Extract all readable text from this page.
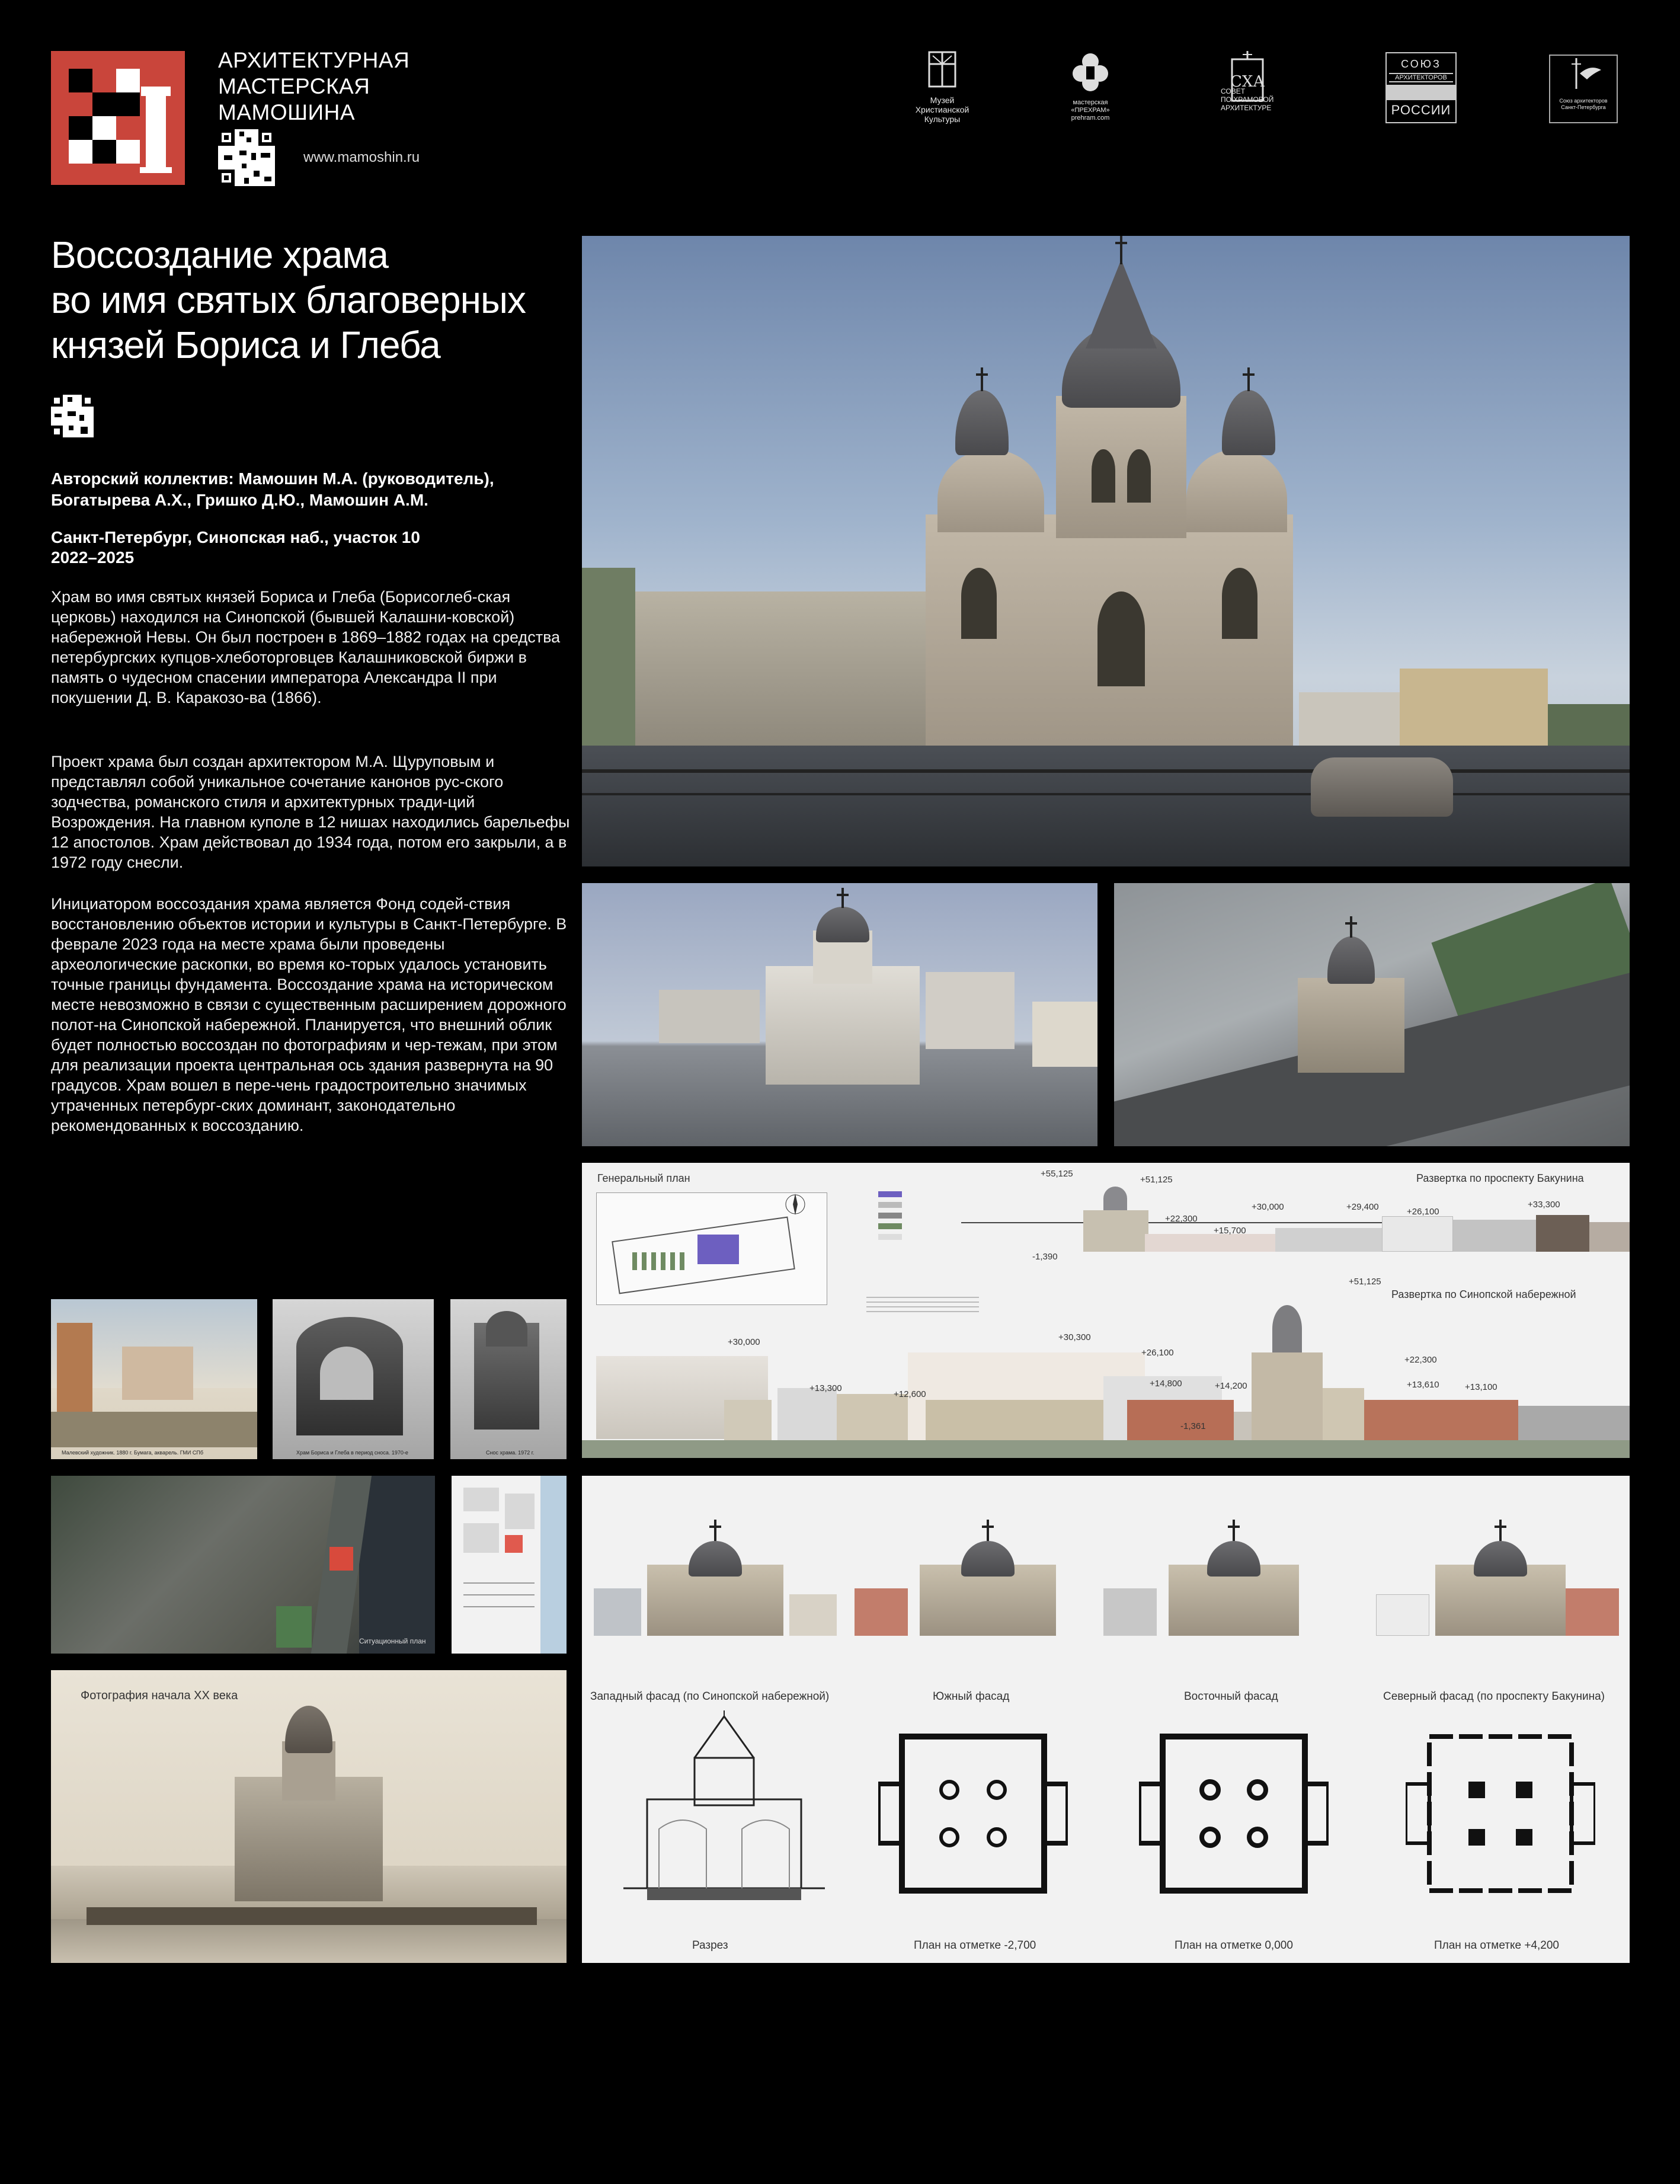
АРХИТЕКТУРНАЯ МАСТЕРСКАЯ
МАМОШИНА
www.mamoshin.ru
Музей
Христианской
Культуры
мастерская
«ПРЕХРАМ»
prehram.com
СХА
СОВЕТ
ПО ХРАМОВОЙ
АРХИТЕКТУРЕ
СОЮЗ
АРХИТЕКТОРОВ
РОССИИ
Союз архитекторов
Санкт-Петербурга
Воссоздание храма
во имя святых благоверных
князей Бориса и Глеба
Авторский коллектив: Мамошин М.А. (руководитель),
Богатырева А.Х., Гришко Д.Ю., Мамошин А.М.
Санкт-Петербург, Синопская наб., участок 10
2022–2025
Храм во имя святых князей Бориса и Глеба (Борисоглеб-ская церковь) находился на Синопской (бывшей Калашни-ковской) набережной Невы. Он был построен в 1869–1882 годах на средства петербургских купцов-хлеботорговцев Калашниковской биржи в память о чудесном спасении императора Александра II при покушении Д. В. Каракозо-ва (1866).
Проект храма был создан архитектором М.А. Щуруповым и представлял собой уникальное сочетание канонов рус-ского зодчества, романского стиля и архитектурных тради-ций Возрождения. На главном куполе в 12 нишах находились барельефы 12 апостолов. Храм действовал до 1934 года, потом его закрыли, а в 1972 году снесли.
Инициатором воссоздания храма является Фонд содей-ствия восстановлению объектов истории и культуры в Санкт-Петербурге. В феврале 2023 года на месте храма были проведены археологические раскопки, во время ко-торых удалось установить точные границы фундамента. Воссоздание храма на историческом месте невозможно в связи с существенным расширением дорожного полот-на Синопской набережной. Планируется, что внешний облик будет полностью воссоздан по фотографиям и чер-тежам, при этом для реализации проекта центральная ось здания развернута на 90 градусов. Храм вошел в пере-чень градостроительно значимых утраченных петербург-ских доминант, законодательно рекомендованных к воссозданию.
Генеральный план	Развертка по проспекту Бакунина
+55,125
+51,125
+22,300
+15,700
+30,000	+29,400	+26,100
+33,300
-1,390
Развертка по Синопской набережной
+51,125
+30,000	+30,300
+26,100
+13,300
+12,600
+14,800	+14,200
+22,300
+13,610	+13,100
-1,361
Малевский художник. 1880 г. Бумага, акварель. ГМИ СПб	Храм Бориса и Глеба в период сноса. 1970-е	Снос храма. 1972 г.
Ситуационный план
Фотография начала XX века	Западный фасад (по Синопской набережной)	Южный фасад	Восточный фасад	Северный фасад (по проспекту Бакунина)
Разрез	План на отметке -2,700	План на отметке 0,000	План на отметке +4,200
